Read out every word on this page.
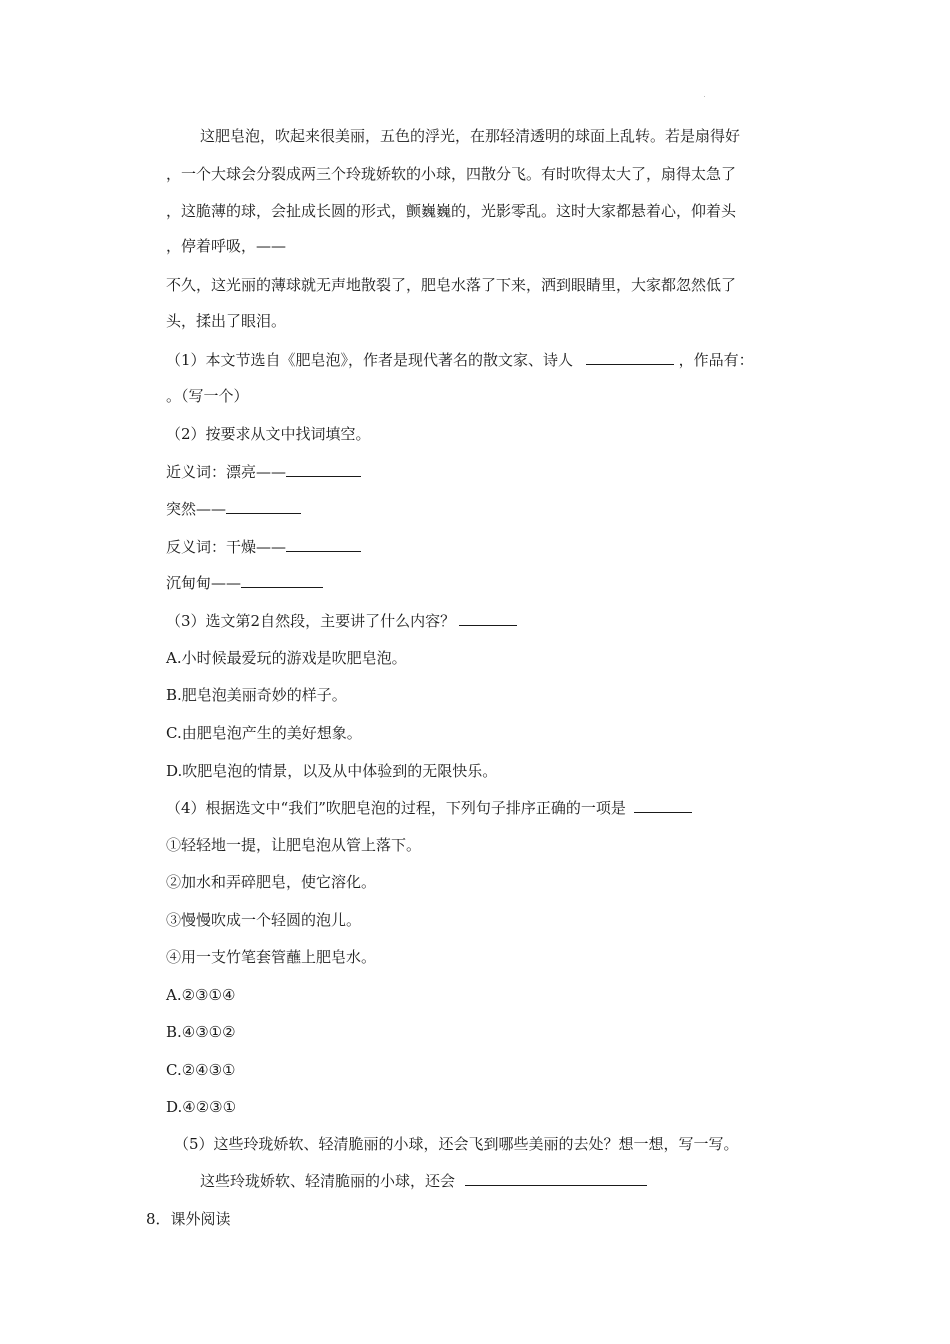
这肥皂泡，吹起来很美丽，五色的浮光，在那轻清透明的球面上乱转。若是扇得好
，一个大球会分裂成两三个玲珑娇软的小球，四散分飞。有时吹得太大了，扇得太急了
，这脆薄的球，会扯成长圆的形式，颤巍巍的，光影零乱。这时大家都悬着心，仰着头
，停着呼吸，——
不久，这光丽的薄球就无声地散裂了，肥皂水落了下来，洒到眼睛里，大家都忽然低了
头，揉出了眼泪。
（1）本文节选自《肥皂泡》，作者是现代著名的散文家、诗人	，作品有：
。（写一个）
（2）按要求从文中找词填空。
近义词：漂亮——
突然——
反义词：干燥——
沉甸甸——
（3）选文第2自然段，主要讲了什么内容？
A.小时候最爱玩的游戏是吹肥皂泡。
B.肥皂泡美丽奇妙的样子。
C.由肥皂泡产生的美好想象。
D.吹肥皂泡的情景，以及从中体验到的无限快乐。
（4）根据选文中“我们”吹肥皂泡的过程，下列句子排序正确的一项是
①轻轻地一提，让肥皂泡从管上落下。
②加水和弄碎肥皂，使它溶化。
③慢慢吹成一个轻圆的泡儿。
④用一支竹笔套管蘸上肥皂水。
A.②③①④
B.④③①②
C.②④③①
D.④②③①
（5）这些玲珑娇软、轻清脆丽的小球，还会飞到哪些美丽的去处？想一想，写一写。
这些玲珑娇软、轻清脆丽的小球，还会
8．课外阅读
